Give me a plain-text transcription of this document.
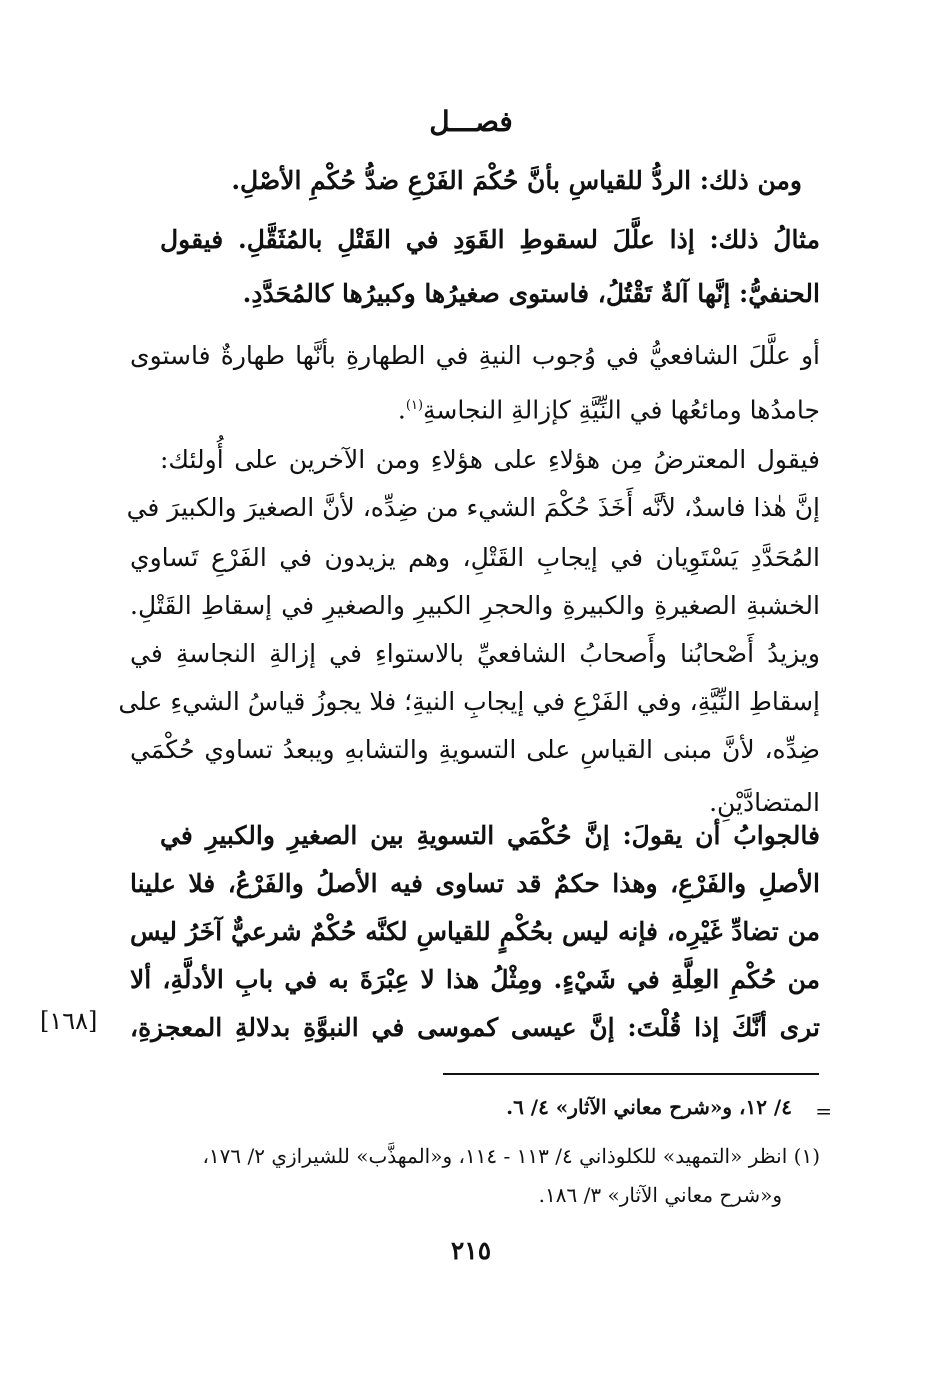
فصـــل
ومن ذلك: الردُّ للقياسِ بأنَّ حُكْمَ الفَرْعِ ضدُّ حُكْمِ الأصْلِ.
مثالُ ذلك: إذا علَّلَ لسقوطِ القَوَدِ في القَتْلِ بالمُثَقَّلِ. فيقول
الحنفيُّ: إنَّها آلةٌ تَقْتُلُ، فاستوى صغيرُها وكبيرُها كالمُحَدَّدِ.
أو علَّلَ الشافعيُّ في وُجوب النيةِ في الطهارةِ بأنَّها طهارةٌ فاستوى
جامدُها ومائعُها في النِّيَّةِ كإزالةِ النجاسةِ$^{(١)}$.
فيقول المعترضُ مِن هؤلاءِ على هؤلاءِ ومن الآخرين على أُولئك:
إنَّ هٰذا فاسدٌ، لأنَّه أَخَذَ حُكْمَ الشيء من ضِدِّه، لأنَّ الصغيرَ والكبيرَ في
المُحَدَّدِ يَسْتَوِيان في إيجابِ القَتْلِ، وهم يزيدون في الفَرْعِ تَساوي
الخشبةِ الصغيرةِ والكبيرةِ والحجرِ الكبيرِ والصغيرِ في إسقاطِ القَتْلِ.
ويزيدُ أَصْحابُنا وأَصحابُ الشافعيِّ بالاستواءِ في إزالةِ النجاسةِ في
إسقاطِ النِّيَّةِ، وفي الفَرْعِ في إيجابِ النيةِ؛ فلا يجوزُ قياسُ الشيءِ على
ضِدِّه، لأنَّ مبنى القياسِ على التسويةِ والتشابهِ ويبعدُ تساوي حُكْمَي
المتضادَّيْنِ.
فالجوابُ أن يقولَ: إنَّ حُكْمَي التسويةِ بين الصغيرِ والكبيرِ في
الأصلِ والفَرْعِ، وهذا حكمٌ قد تساوى فيه الأصلُ والفَرْعُ، فلا علينا
من تضادِّ غَيْرِه، فإنه ليس بحُكْمٍ للقياسِ لكنَّه حُكْمٌ شرعيٌّ آخَرُ ليس
من حُكْمِ العِلَّةِ في شَيْءٍ. ومِثْلُ هذا لا عِبْرَةَ به في بابِ الأدلَّةِ، ألا
ترى أنَّكَ إذا قُلْتَ: إنَّ عيسى كموسى في النبوَّةِ بدلالةِ المعجزةِ،
[١٦٨]
=
٤/ ١٢، و«شرح معاني الآثار» ٤/ ٦.
(١) انظر «التمهيد» للكلوذاني ٤/ ١١٣ - ١١٤، و«المهذَّب» للشيرازي ٢/ ١٧٦،
و«شرح معاني الآثار» ٣/ ١٨٦.
٢١٥
